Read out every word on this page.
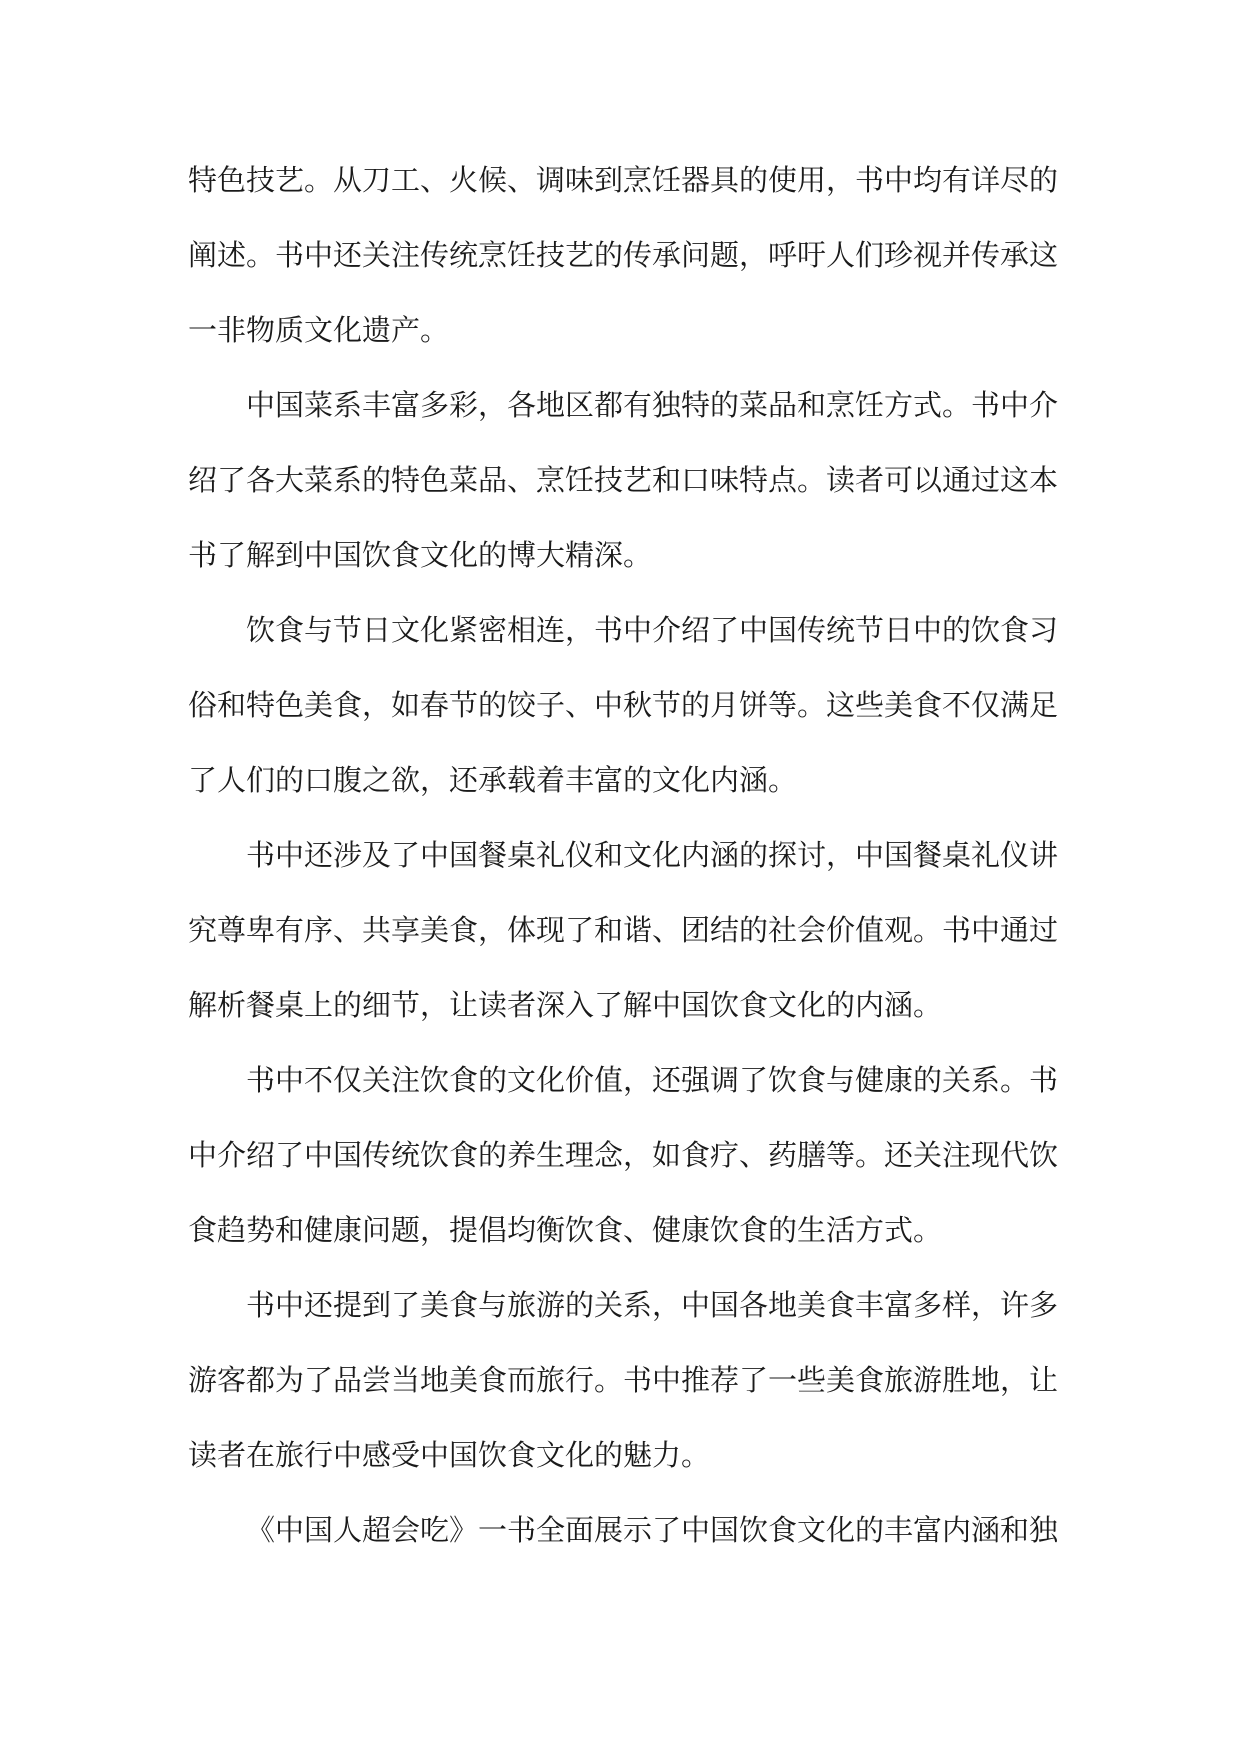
特色技艺。从刀工、火候、调味到烹饪器具的使用，书中均有详尽的阐述。书中还关注传统烹饪技艺的传承问题，呼吁人们珍视并传承这一非物质文化遗产。

中国菜系丰富多彩，各地区都有独特的菜品和烹饪方式。书中介绍了各大菜系的特色菜品、烹饪技艺和口味特点。读者可以通过这本书了解到中国饮食文化的博大精深。

饮食与节日文化紧密相连，书中介绍了中国传统节日中的饮食习俗和特色美食，如春节的饺子、中秋节的月饼等。这些美食不仅满足了人们的口腹之欲，还承载着丰富的文化内涵。

书中还涉及了中国餐桌礼仪和文化内涵的探讨，中国餐桌礼仪讲究尊卑有序、共享美食，体现了和谐、团结的社会价值观。书中通过解析餐桌上的细节，让读者深入了解中国饮食文化的内涵。

书中不仅关注饮食的文化价值，还强调了饮食与健康的关系。书中介绍了中国传统饮食的养生理念，如食疗、药膳等。还关注现代饮食趋势和健康问题，提倡均衡饮食、健康饮食的生活方式。

书中还提到了美食与旅游的关系，中国各地美食丰富多样，许多游客都为了品尝当地美食而旅行。书中推荐了一些美食旅游胜地，让读者在旅行中感受中国饮食文化的魅力。

《中国人超会吃》一书全面展示了中国饮食文化的丰富内涵和独
